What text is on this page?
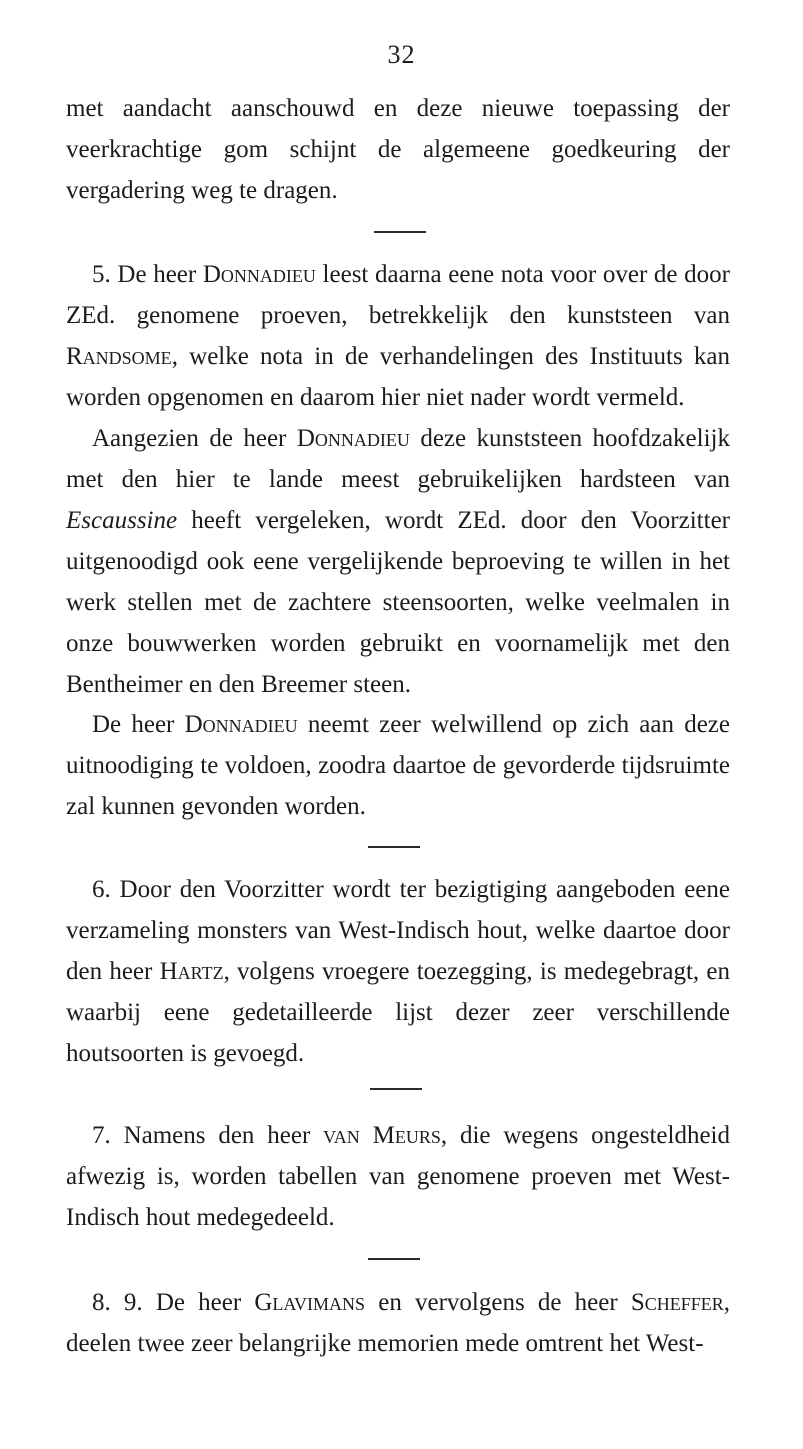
32

met aandacht aanschouwd en deze nieuwe toepassing der veerkrachtige gom schijnt de algemeene goedkeuring der vergadering weg te dragen.

5. De heer Donnadieu leest daarna eene nota voor over de door ZEd. genomene proeven, betrekkelijk den kunststeen van Randsome, welke nota in de verhandelingen des Instituuts kan worden opgenomen en daarom hier niet nader wordt vermeld.

Aangezien de heer Donnadieu deze kunststeen hoofdzakelijk met den hier te lande meest gebruikelijken hardsteen van Escaussine heeft vergeleken, wordt ZEd. door den Voorzitter uitgenoodigd ook eene vergelijkende beproeving te willen in het werk stellen met de zachtere steensoorten, welke veelmalen in onze bouwwerken worden gebruikt en voornamelijk met den Bentheimer en den Breemer steen.

De heer Donnadieu neemt zeer welwillend op zich aan deze uitnoodiging te voldoen, zoodra daartoe de gevorderde tijdsruimte zal kunnen gevonden worden.

6. Door den Voorzitter wordt ter bezigtiging aangeboden eene verzameling monsters van West-Indisch hout, welke daartoe door den heer Hartz, volgens vroegere toezegging, is medegebragt, en waarbij eene gedetailleerde lijst dezer zeer verschillende houtsoorten is gevoegd.

7. Namens den heer van Meurs, die wegens ongesteldheid afwezig is, worden tabellen van genomene proeven met West-Indisch hout medegedeeld.

8. 9. De heer Glavimans en vervolgens de heer Scheffer, deelen twee zeer belangrijke memorien mede omtrent het West-
